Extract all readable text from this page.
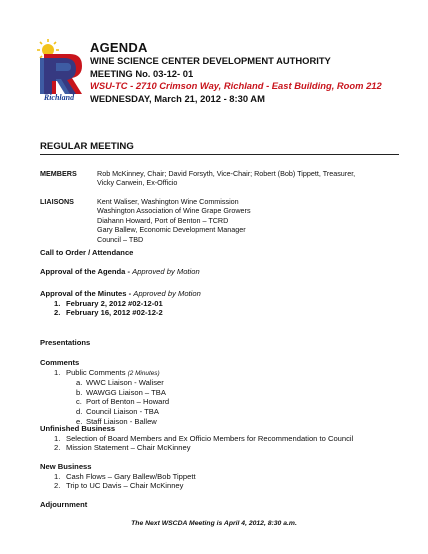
Richland
AGENDA
WINE SCIENCE CENTER DEVELOPMENT AUTHORITY
MEETING No. 03-12- 01
WSU-TC - 2710 Crimson Way, Richland - East Building, Room 212
WEDNESDAY, March 21, 2012 - 8:30 AM
REGULAR MEETING
MEMBERS	Rob McKinney, Chair; David Forsyth, Vice-Chair; Robert (Bob) Tippett, Treasurer,
Vicky Carwein, Ex-Officio
LIAISONS	Kent Waliser, Washington Wine Commission
Washington Association of Wine Grape Growers
Diahann Howard, Port of Benton – TCRD
Gary Ballew, Economic Development Manager
Council – TBD
Call to Order / Attendance
Approval of the Agenda - Approved by Motion
Approval of the Minutes - Approved by Motion
1. February 2, 2012 #02-12-01
2. February 16, 2012 #02-12-2
Presentations
Comments
1. Public Comments (2 Minutes)
a. WWC Liaison - Waliser
b. WAWGG Liaison – TBA
c. Port of Benton – Howard
d. Council Liaison - TBA
e. Staff Liaison - Ballew
Unfinished Business
1. Selection of Board Members and Ex Officio Members for Recommendation to Council
2. Mission Statement – Chair McKinney
New Business
1. Cash Flows – Gary Ballew/Bob Tippett
2. Trip to UC Davis – Chair McKinney
Adjournment
The Next WSCDA Meeting is April 4, 2012, 8:30 a.m.
